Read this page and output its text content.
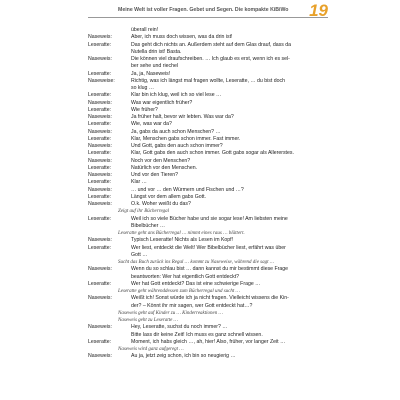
Meine Welt ist voller Fragen. Gebet und Segen. Die kompakte KiBiWo 19
überall rein!
Naseweis:	Aber, ich muss doch wissen, was da drin ist!
Leseratte:	Das geht dich nichts an. Außerdem steht auf dem Glas drauf, dass da
Nutella drin ist! Basta.
Naseweis:	Die können viel draufschreiben. … Ich glaub es erst, wenn ich es sel-
ber sehe und riechel
Leseratte:	Ja, ja, Naseweis!
Naseweise:	Richtig, was ich längst mal fragen wollte, Leseratte, … du bist doch
so klug …
Leseratte:	Klar bin ich klug, weil ich so viel lese …
Naseweis:	Was war eigentlich früher?
Leseratte:	Wie früher?
Naseweis:	Ja früher halt, bevor wir lebten. Was war da?
Leseratte:	Wie, was war da?
Naseweis:	Ja, gabs da auch schon Menschen? …
Leseratte:	Klar, Menschen gabs schon immer. Fast immer.
Naseweis:	Und Gott, gabs den auch schon immer?
Leseratte:	Klar, Gott gabs den auch schon immer. Gott gabs sogar als Allererstes.
Naseweis:	Noch vor den Menschen?
Leseratte:	Natürlich vor den Menschen.
Naseweis:	Und vor den Tieren?
Leseratte:	Klar …
Naseweis:	… und vor … den Würmern und Fischen und …?
Leseratte:	Längst vor dem allem gabs Gott.
Naseweis:	O.k. Woher weißt du das?
Zeigt auf ihr Bücherregal
Leseratte:	Weil ich so viele Bücher habe und sie sogar lese! Am liebsten meine
Bibelbücher …
Leseratte geht ans Bücherregal … nimmt eines raus … blättert.
Naseweis:	Typisch Leseratte! Nichts als Lesen im Kopf!
Leseratte:	Wer liest, entdeckt die Welt! Wer Bibelbücher liest, erfährt was über
Gott …
Sucht das Buch zurück ins Regal … kommt zu Naseweise, während die sagt …
Naseweis:	Wenn du so schlau bist … dann kannst du mir bestimmt diese Frage
beantworten: Wer hat eigentlich Gott entdeckt?
Leseratte:	Wer hat Gott entdeckt? Das ist eine schwierige Frage …
Leseratte geht währenddessen zum Bücherregal und sucht …
Naseweis:	Weißt ich! Sonst würde ich ja nicht fragen. Vielleicht wissens die Kin-
der? – Könnt ihr mir sagen, wer Gott entdeckt hat…?
Naseweis geht auf Kinder zu … Kinderreaktionen …
Naseweis geht zu Leseratte …
Naseweis:	Hey, Leseratte, suchst du noch immer? …
Bitte lass dir keine Zeit! Ich muss es ganz schnell wissen.
Leseratte:	Moment, ich habs gleich …, ah, hier! Also, früher, vor langer Zeit …
Naseweis wird ganz aufgeregt …
Naseweis:	Au ja, jetzt zeig schon, ich bin so neugierig …
